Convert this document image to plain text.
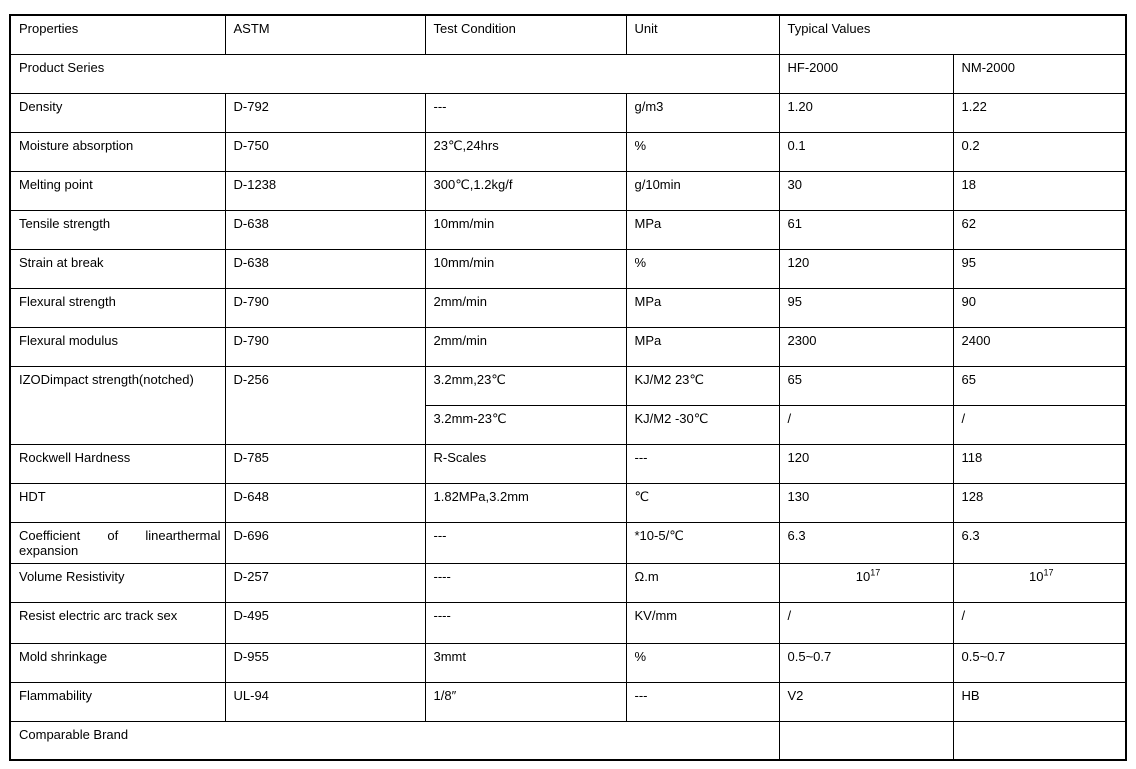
Properties	ASTM	Test Condition	Unit	Typical Values	
Product Series				HF-2000	NM-2000
Density	D-792	---	g/m3	1.20	1.22
Moisture absorption	D-750	23℃,24hrs	%	0.1	0.2
Melting point	D-1238	300℃,1.2kg/f	g/10min	30	18
Tensile strength	D-638	10mm/min	MPa	61	62
Strain at break	D-638	10mm/min	%	120	95
Flexural strength	D-790	2mm/min	MPa	95	90
Flexural modulus	D-790	2mm/min	MPa	2300	2400
IZODimpact strength(notched)	D-256	3.2mm,23℃	KJ/M2 23℃	65	65
		3.2mm-23℃	KJ/M2 -30℃	/	/
Rockwell Hardness	D-785	R-Scales	---	120	118
HDT	D-648	1.82MPa,3.2mm	℃	130	128
Coefficient of linearthermal expansion	D-696	---	*10-5/℃	6.3	6.3
Volume Resistivity	D-257	----	Ω.m	$10^{17}$	$10^{17}$
Resist electric arc track sex	D-495	----	KV/mm	/	/
Mold shrinkage	D-955	3mmt	%	0.5~0.7	0.5~0.7
Flammability	UL-94	1/8″	---	V2	HB
Comparable Brand					
